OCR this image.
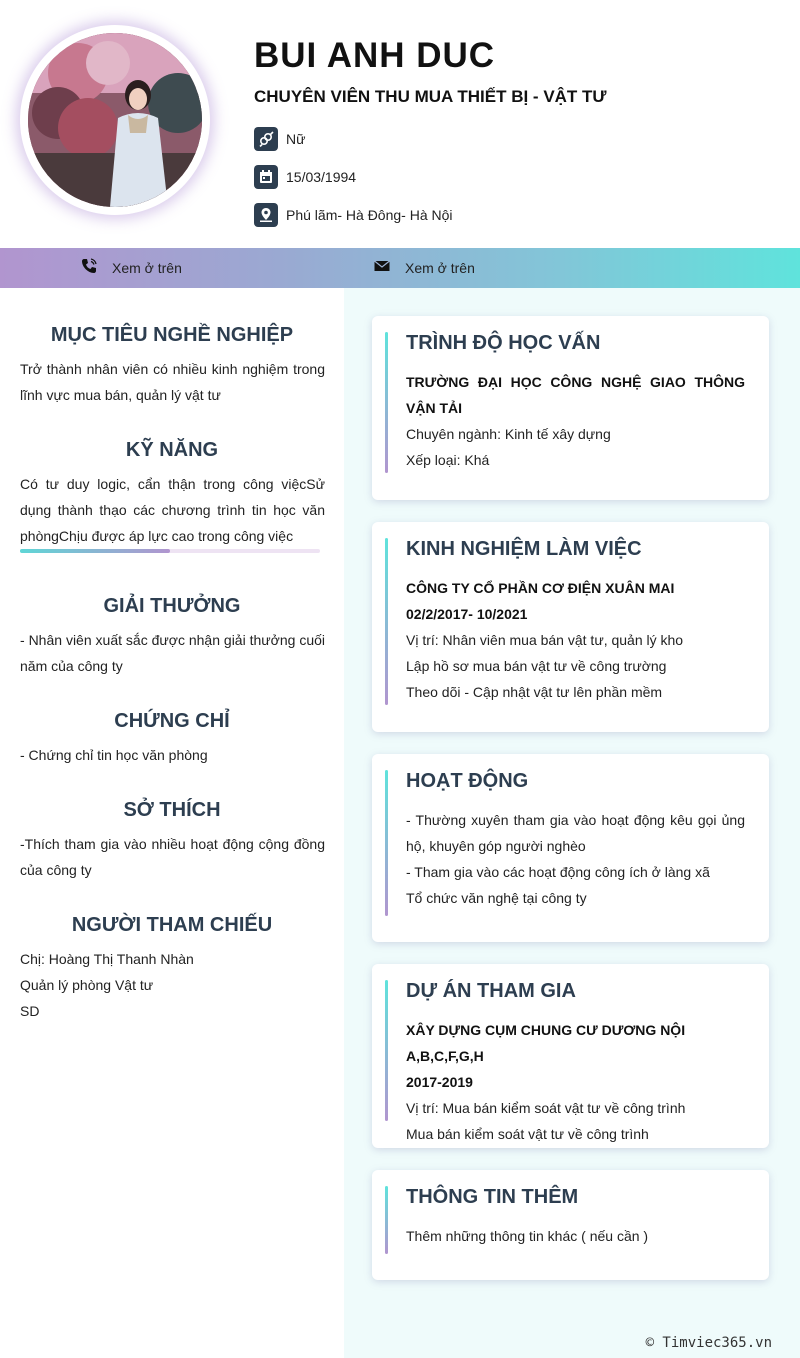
BUI ANH DUC
CHUYÊN VIÊN THU MUA THIẾT BỊ - VẬT TƯ
Nữ
15/03/1994
Phú lãm- Hà Đông- Hà Nội
Xem ở trên	Xem ở trên
MỤC TIÊU NGHỀ NGHIỆP
Trở thành nhân viên có nhiều kinh nghiệm trong lĩnh vực mua bán, quản lý vật tư
KỸ NĂNG
Có tư duy logic, cẩn thận trong công việcSử dụng thành thạo các chương trình tin học văn phòngChịu được áp lực cao trong công việc
GIẢI THƯỞNG
- Nhân viên xuất sắc được nhận giải thưởng cuối năm của công ty
CHỨNG CHỈ
- Chứng chỉ tin học văn phòng
SỞ THÍCH
-Thích tham gia vào nhiều hoạt động cộng đồng của công ty
NGƯỜI THAM CHIẾU
Chị: Hoàng Thị Thanh Nhàn
Quản lý phòng Vật tư
SD
TRÌNH ĐỘ HỌC VẤN
TRƯỜNG ĐẠI HỌC CÔNG NGHỆ GIAO THÔNG VẬN TẢI
Chuyên ngành: Kinh tế xây dựng
Xếp loại: Khá
KINH NGHIỆM LÀM VIỆC
CÔNG TY CỔ PHẦN CƠ ĐIỆN XUÂN MAI
02/2/2017- 10/2021
Vị trí: Nhân viên mua bán vật tư, quản lý kho
Lập hồ sơ mua bán vật tư về công trường
Theo dõi - Cập nhật vật tư lên phần mềm
HOẠT ĐỘNG
- Thường xuyên tham gia vào hoạt động kêu gọi ủng hộ, khuyên góp người nghèo
- Tham gia vào các hoạt động công ích ở làng xã
Tổ chức văn nghệ tại công ty
DỰ ÁN THAM GIA
XÂY DỰNG CỤM CHUNG CƯ DƯƠNG NỘI A,B,C,F,G,H
2017-2019
Vị trí: Mua bán kiểm soát vật tư về công trình
Mua bán kiểm soát vật tư về công trình
THÔNG TIN THÊM
Thêm những thông tin khác ( nếu cần )
© Timviec365.vn
